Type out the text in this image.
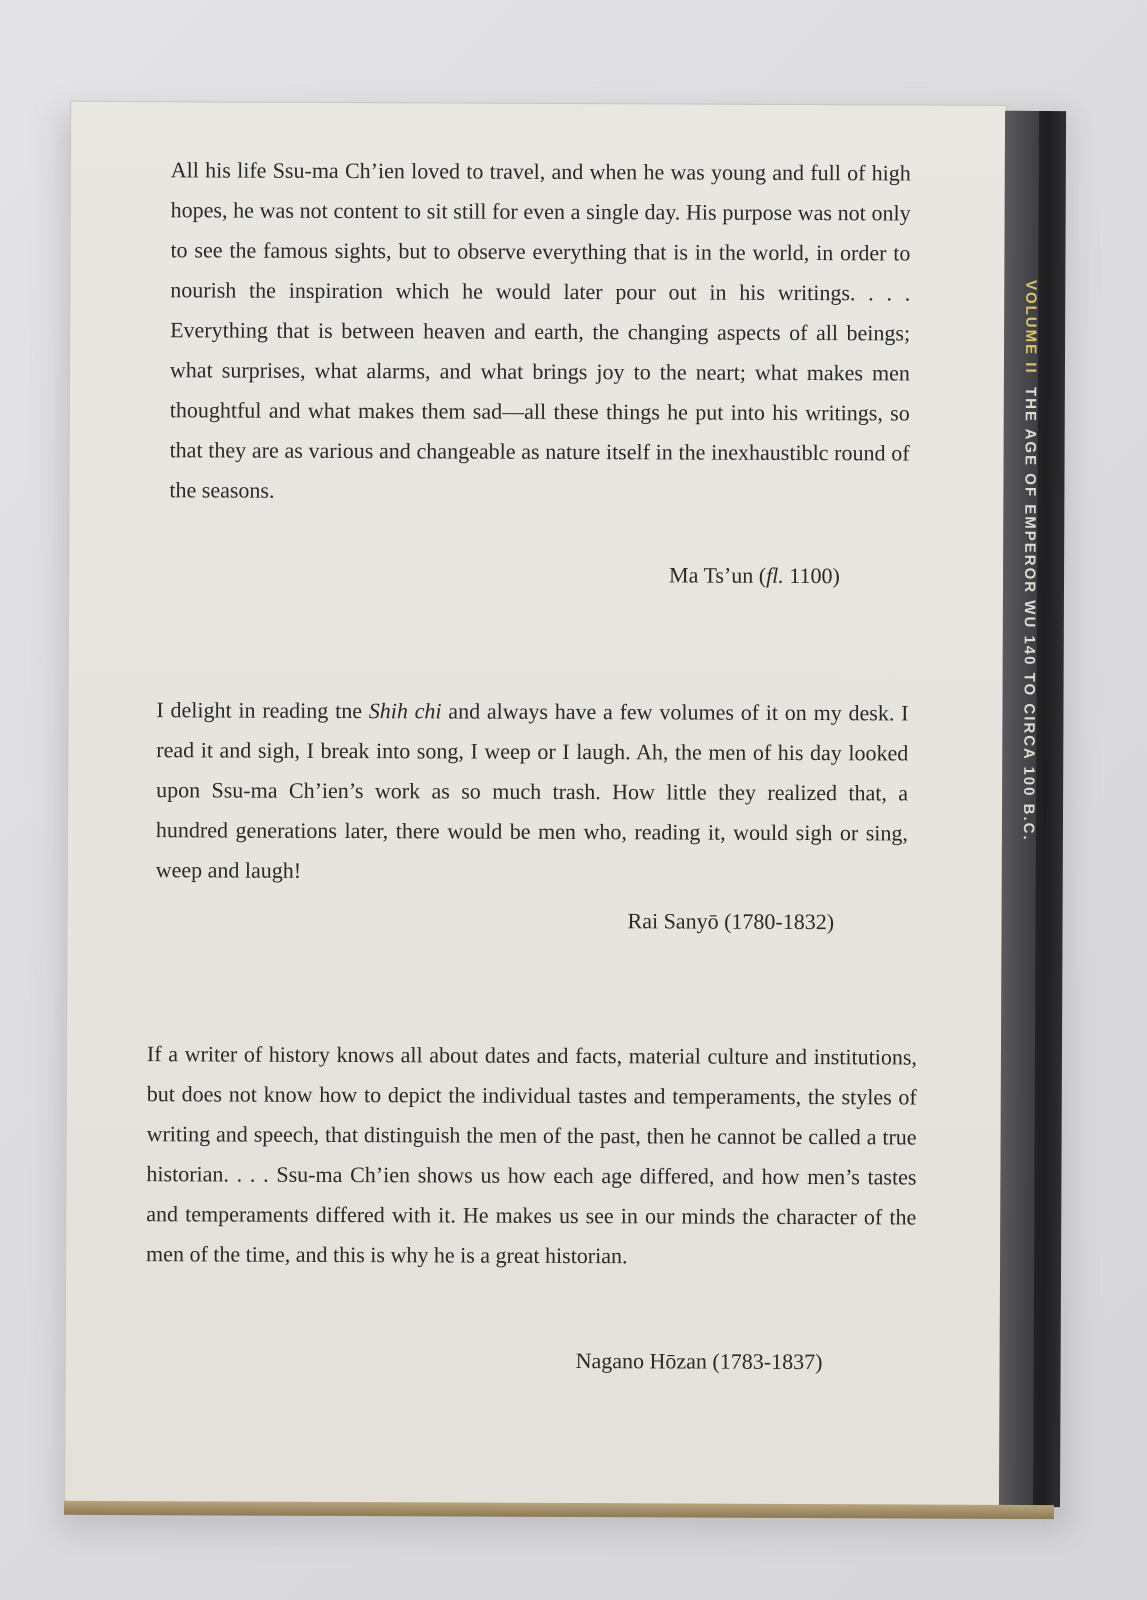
All his life Ssu-ma Ch’ien loved to travel, and when he was young and full of high hopes, he was not content to sit still for even a single day. His purpose was not only to see the famous sights, but to observe everything that is in the world, in order to nourish the inspiration which he would later pour out in his writings. . . . Everything that is between heaven and earth, the changing aspects of all beings; what surprises, what alarms, and what brings joy to the neart; what makes men thoughtful and what makes them sad—all these things he put into his writings, so that they are as various and changeable as nature itself in the inexhaustiblc round of the seasons.

Ma Ts’un (fl. 1100)

I delight in reading tne Shih chi and always have a few volumes of it on my desk. I read it and sigh, I break into song, I weep or I laugh. Ah, the men of his day looked upon Ssu-ma Ch’ien’s work as so much trash. How little they realized that, a hundred generations later, there would be men who, reading it, would sigh or sing, weep and laugh!

Rai Sanyō (1780-1832)

If a writer of history knows all about dates and facts, material culture and institutions, but does not know how to depict the individual tastes and temperaments, the styles of writing and speech, that distinguish the men of the past, then he cannot be called a true historian. . . . Ssu-ma Ch’ien shows us how each age differed, and how men’s tastes and temperaments differed with it. He makes us see in our minds the character of the men of the time, and this is why he is a great historian.

Nagano Hōzan (1783-1837)
VOLUME II  THE AGE OF EMPEROR WU 140 TO CIRCA 100 B.C.
